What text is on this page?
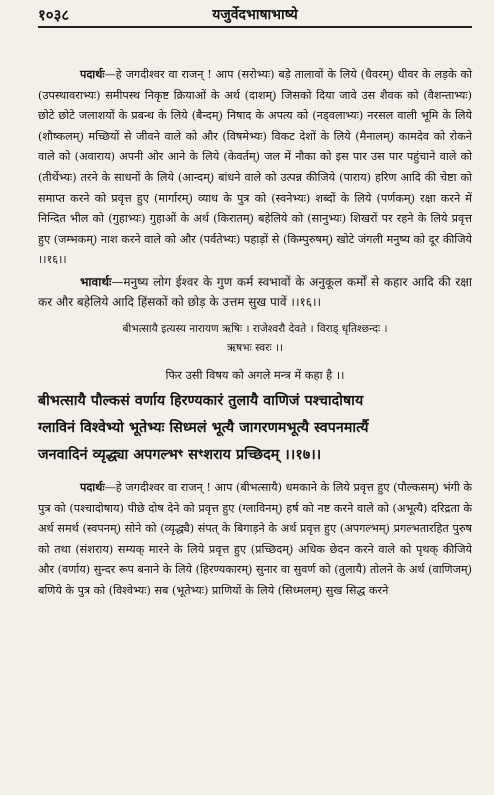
१०३८	यजुर्वेदभाषाभाष्ये

पदार्थः—हे जगदीश्वर वा राजन् ! आप (सरोभ्यः) बड़े तालावों के लिये (धैवरम्) धीवर के लड़के को (उपस्थावराभ्यः) समीपस्थ निकृष्ट क्रियाओं के अर्थ (दाशम्) जिसको दिया जावे उस शैवक को (वैशन्ताभ्यः) छोटे छोटे जलाशयों के प्रबन्ध के लिये (बैन्दम्) निषाद के अपत्य को (नड्वलाभ्यः) नरसल वाली भूमि के लिये (शौष्कलम्) मच्छियों से जीवने वाले को और (विषमेभ्यः) विकट देशों के लिये (मैनालम्) कामदेव को रोकने वाले को (अवाराय) अपनी ओर आने के लिये (केवर्तम्) जल में नौका को इस पार उस पार पहुंचाने वाले को (तीर्थेभ्यः) तरने के साधनों के लिये (आन्दम्) बांधने वाले को उत्पन्न कीजिये (पाराय) हरिण आदि की चेष्टा को समाप्त करने को प्रवृत्त हुए (मार्गारम्) व्याध के पुत्र को (स्वनेभ्यः) शब्दों के लिये (पर्णकम्) रक्षा करने में निन्दित भील को (गुहाभ्यः) गुहाओं के अर्थ (किरातम्) बहेलिये को (सानुभ्यः) शिखरों पर रहने के लिये प्रवृत्त हुए (जम्भकम्) नाश करने वाले को और (पर्वतेभ्यः) पहाड़ों से (किम्पुरुषम्) खोटे जंगली मनुष्य को दूर कीजिये ।।१६।।

भावार्थः—मनुष्य लोग ईश्वर के गुण कर्म स्वभावों के अनुकूल कर्मों से कहार आदि की रक्षा कर और बहेलिये आदि हिंसकों को छोड़ के उत्तम सुख पावें ।।१६।।

बीभत्सायै इत्यस्य नारायण ऋषिः । राजेश्वरौ देवते । विराड् धृतिश्छन्दः ।
ऋषभः स्वरः ।।
फिर उसी विषय को अगले मन्त्र में कहा है ।।
बीभत्सायै पौल्कसं वर्णाय हिरण्यकारं तुलायै वाणिजं पश्चादोषाय
ग्लाविनं विश्वेभ्यो भूतेभ्यः सिध्मलं भूत्यै जागरणमभूत्यै स्वपनमार्त्यै
जनवादिनं व्यृद्ध्या अपगल्भꣳ सꣳशराय प्रच्छिदम् ।।१७।।

पदार्थः—हे जगदीश्वर वा राजन् ! आप (बीभत्सायै) धमकाने के लिये प्रवृत्त हुए (पौल्कसम्) भंगी के पुत्र को (पश्चादोषाय) पीछे दोष देने को प्रवृत्त हुए (ग्लाविनम्) हर्ष को नष्ट करने वाले को (अभूत्यै) दरिद्रता के अर्थ समर्थ (स्वपनम्) सोने को (व्यृद्ध्यै) संपत् के बिगाड़ने के अर्थ प्रवृत्त हुए (अपगल्भम्) प्रगल्भतारहित पुरुष को तथा (संशराय) सम्यक् मारने के लिये प्रवृत्त हुए (प्रच्छिदम्) अधिक छेदन करने वाले को पृथक् कीजिये और (वर्णाय) सुन्दर रूप बनाने के लिये (हिरण्यकारम्) सुनार वा सुवर्ण को (तुलायै) तोलने के अर्थ (वाणिजम्) बणिये के पुत्र को (विश्वेभ्यः) सब (भूतेभ्यः) प्राणियों के लिये (सिध्मलम्) सुख सिद्ध करने
